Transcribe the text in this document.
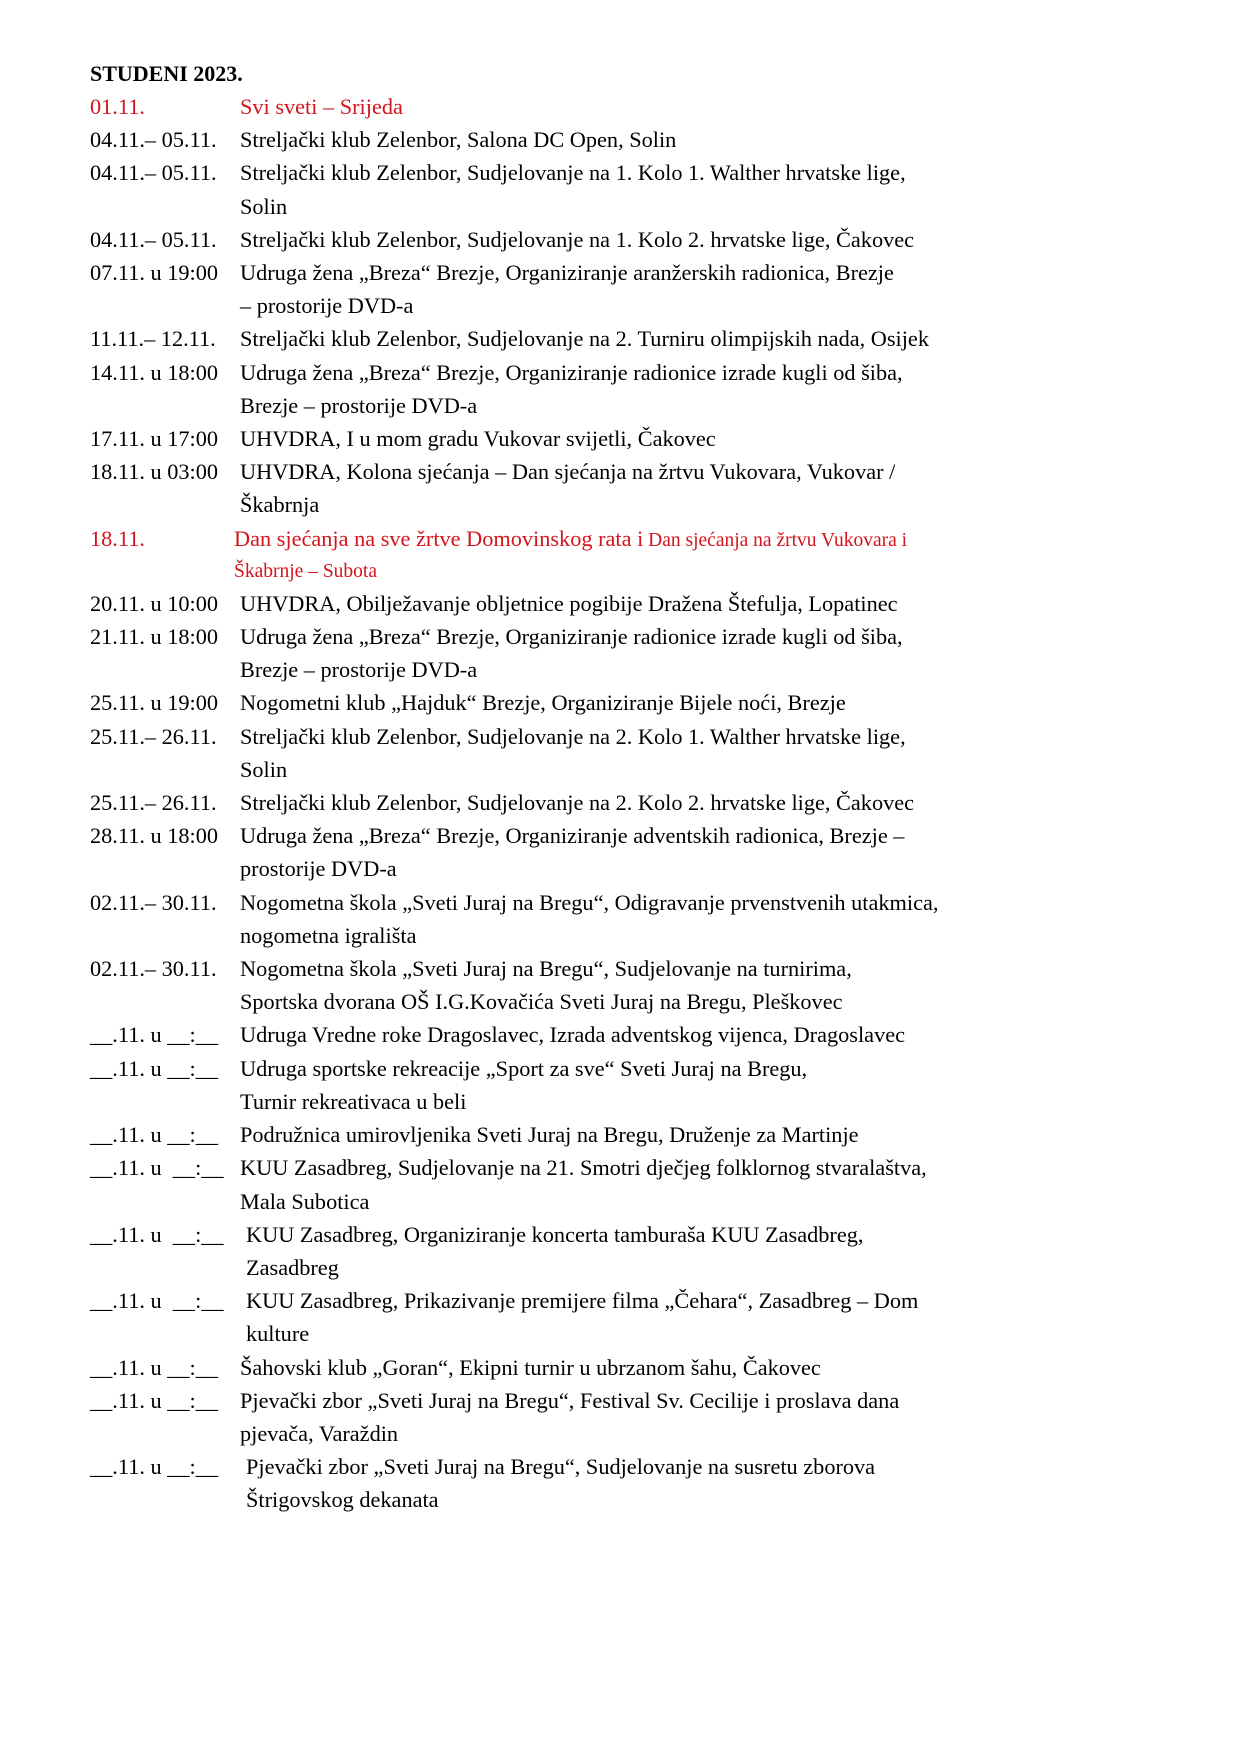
STUDENI 2023.
01.11.	Svi sveti – Srijeda
04.11.– 05.11.	Streljački klub Zelenbor, Salona DC Open, Solin
04.11.– 05.11.	Streljački klub Zelenbor, Sudjelovanje na 1. Kolo 1. Walther hrvatske lige,
Solin
04.11.– 05.11.	Streljački klub Zelenbor, Sudjelovanje na 1. Kolo 2. hrvatske lige, Čakovec
07.11. u 19:00 Udruga žena „Breza“ Brezje, Organiziranje aranžerskih radionica, Brezje
– prostorije DVD-a
11.11.– 12.11.	Streljački klub Zelenbor, Sudjelovanje na 2. Turniru olimpijskih nada, Osijek
14.11. u 18:00 Udruga žena „Breza“ Brezje, Organiziranje radionice izrade kugli od šiba,
Brezje – prostorije DVD-a
17.11. u 17:00 UHVDRA, I u mom gradu Vukovar svijetli, Čakovec
18.11. u 03:00 UHVDRA, Kolona sjećanja – Dan sjećanja na žrtvu Vukovara, Vukovar /
Škabrnja
18.11.	Dan sjećanja na sve žrtve Domovinskog rata i Dan sjećanja na žrtvu Vukovara i
Škabrnje – Subota
20.11. u 10:00 UHVDRA, Obilježavanje obljetnice pogibije Dražena Štefulja, Lopatinec
21.11. u 18:00 Udruga žena „Breza“ Brezje, Organiziranje radionice izrade kugli od šiba,
Brezje – prostorije DVD-a
25.11. u 19:00 Nogometni klub „Hajduk“ Brezje, Organiziranje Bijele noći, Brezje
25.11.– 26.11.	Streljački klub Zelenbor, Sudjelovanje na 2. Kolo 1. Walther hrvatske lige,
Solin
25.11.– 26.11.	Streljački klub Zelenbor, Sudjelovanje na 2. Kolo 2. hrvatske lige, Čakovec
28.11. u 18:00 Udruga žena „Breza“ Brezje, Organiziranje adventskih radionica, Brezje –
prostorije DVD-a
02.11.– 30.11.	Nogometna škola „Sveti Juraj na Bregu“, Odigravanje prvenstvenih utakmica,
nogometna igrališta
02.11.– 30.11.	Nogometna škola „Sveti Juraj na Bregu“, Sudjelovanje na turnirima,
Sportska dvorana OŠ I.G.Kovačića Sveti Juraj na Bregu, Pleškovec
__.11. u __:__ Udruga Vredne roke Dragoslavec, Izrada adventskog vijenca, Dragoslavec
__.11. u __:__ Udruga sportske rekreacije „Sport za sve“ Sveti Juraj na Bregu,
Turnir rekreativaca u beli
__.11. u __:__ Podružnica umirovljenika Sveti Juraj na Bregu, Druženje za Martinje
__.11. u  __:__ KUU Zasadbreg, Sudjelovanje na 21. Smotri dječjeg folklornog stvaralaštva,
Mala Subotica
__.11. u  __:__	KUU Zasadbreg, Organiziranje koncerta tamburaša KUU Zasadbreg,
Zasadbreg
__.11. u  __:__	KUU Zasadbreg, Prikazivanje premijere filma „Čehara“, Zasadbreg – Dom
kulture
__.11. u __:__ Šahovski klub „Goran“, Ekipni turnir u ubrzanom šahu, Čakovec
__.11. u __:__ Pjevački zbor „Sveti Juraj na Bregu“, Festival Sv. Cecilije i proslava dana
pjevača, Varaždin
__.11. u __:__	Pjevački zbor „Sveti Juraj na Bregu“, Sudjelovanje na susretu zborova
Štrigovskog dekanata
